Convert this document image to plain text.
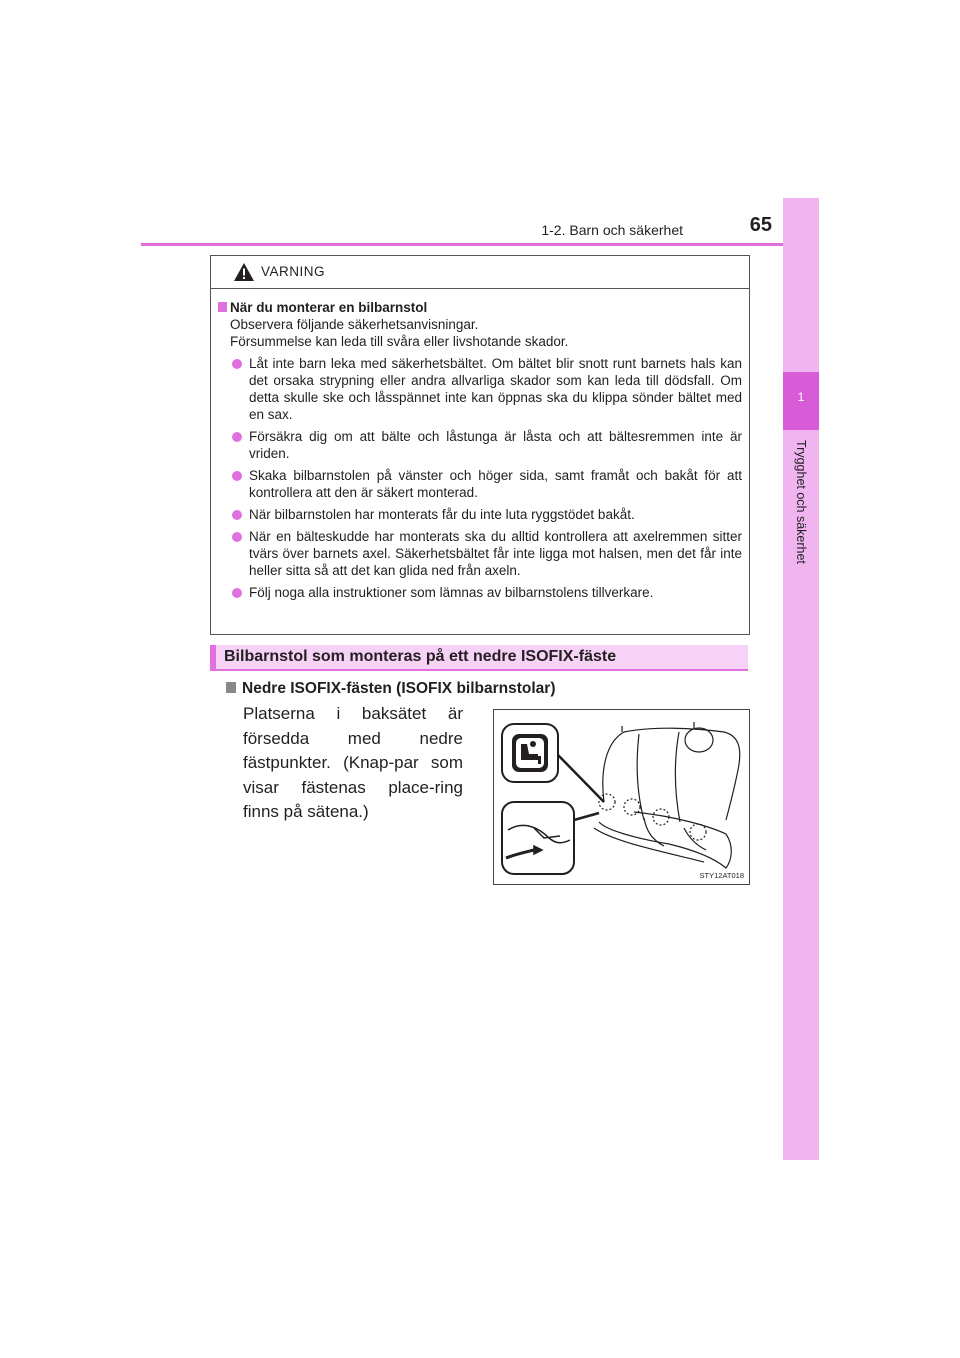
1-2. Barn och säkerhet	65
1
Trygghet och säkerhet
VARNING
När du monterar en bilbarnstol
Observera följande säkerhetsanvisningar.
Försummelse kan leda till svåra eller livshotande skador.
Låt inte barn leka med säkerhetsbältet. Om bältet blir snott runt barnets hals kan det orsaka strypning eller andra allvarliga skador som kan leda till dödsfall. Om detta skulle ske och låsspännet inte kan öppnas ska du klippa sönder bältet med en sax.
Försäkra dig om att bälte och låstunga är låsta och att bältesremmen inte är vriden.
Skaka bilbarnstolen på vänster och höger sida, samt framåt och bakåt för att kontrollera att den är säkert monterad.
När bilbarnstolen har monterats får du inte luta ryggstödet bakåt.
När en bälteskudde har monterats ska du alltid kontrollera att axelremmen sitter tvärs över barnets axel. Säkerhetsbältet får inte ligga mot halsen, men det får inte heller sitta så att det kan glida ned från axeln.
Följ noga alla instruktioner som lämnas av bilbarnstolens tillverkare.
Bilbarnstol som monteras på ett nedre ISOFIX-fäste
Nedre ISOFIX-fästen (ISOFIX bilbarnstolar)
Platserna i baksätet är försedda med nedre fästpunkter. (Knap-par som visar fästenas place-ring finns på sätena.)
STY12AT018
